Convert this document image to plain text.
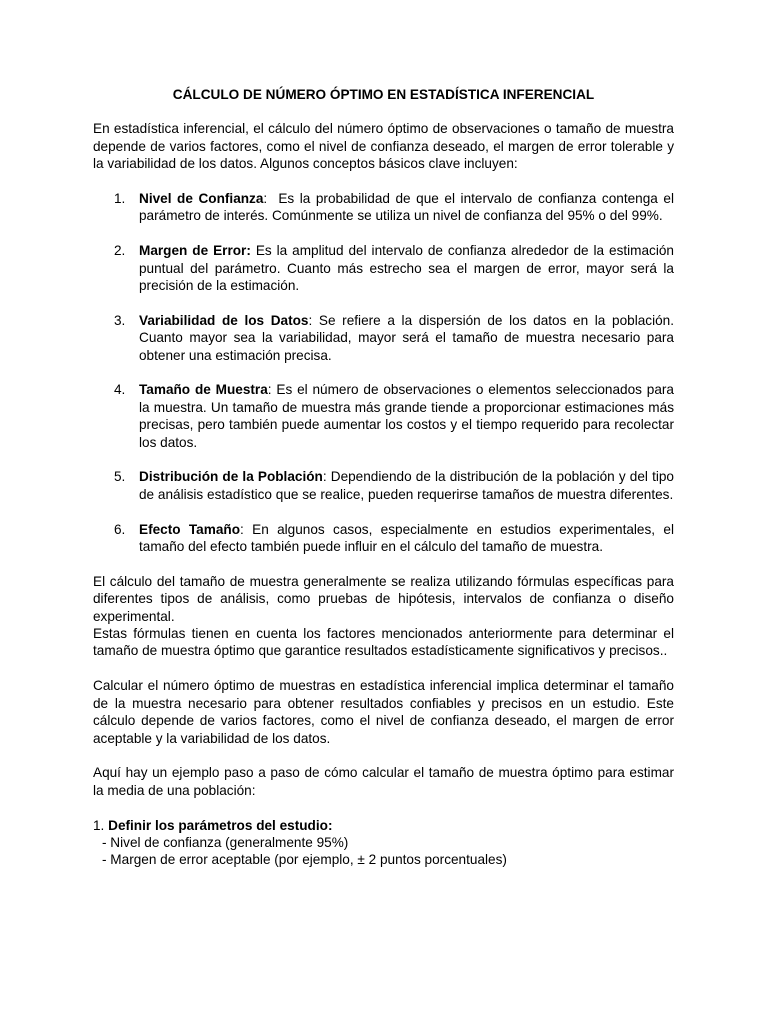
CÁLCULO DE NÚMERO ÓPTIMO EN ESTADÍSTICA INFERENCIAL

En estadística inferencial, el cálculo del número óptimo de observaciones o tamaño de muestra depende de varios factores, como el nivel de confianza deseado, el margen de error tolerable y la variabilidad de los datos. Algunos conceptos básicos clave incluyen:

1. Nivel de Confianza:  Es la probabilidad de que el intervalo de confianza contenga el parámetro de interés. Comúnmente se utiliza un nivel de confianza del 95% o del 99%.
2. Margen de Error: Es la amplitud del intervalo de confianza alrededor de la estimación puntual del parámetro. Cuanto más estrecho sea el margen de error, mayor será la precisión de la estimación.
3. Variabilidad de los Datos: Se refiere a la dispersión de los datos en la población. Cuanto mayor sea la variabilidad, mayor será el tamaño de muestra necesario para obtener una estimación precisa.
4. Tamaño de Muestra: Es el número de observaciones o elementos seleccionados para la muestra. Un tamaño de muestra más grande tiende a proporcionar estimaciones más precisas, pero también puede aumentar los costos y el tiempo requerido para recolectar los datos.
5. Distribución de la Población: Dependiendo de la distribución de la población y del tipo de análisis estadístico que se realice, pueden requerirse tamaños de muestra diferentes.
6. Efecto Tamaño: En algunos casos, especialmente en estudios experimentales, el tamaño del efecto también puede influir en el cálculo del tamaño de muestra.

El cálculo del tamaño de muestra generalmente se realiza utilizando fórmulas específicas para diferentes tipos de análisis, como pruebas de hipótesis, intervalos de confianza o diseño experimental.

Estas fórmulas tienen en cuenta los factores mencionados anteriormente para determinar el tamaño de muestra óptimo que garantice resultados estadísticamente significativos y precisos..

Calcular el número óptimo de muestras en estadística inferencial implica determinar el tamaño de la muestra necesario para obtener resultados confiables y precisos en un estudio. Este cálculo depende de varios factores, como el nivel de confianza deseado, el margen de error aceptable y la variabilidad de los datos.

Aquí hay un ejemplo paso a paso de cómo calcular el tamaño de muestra óptimo para estimar la media de una población:

1. Definir los parámetros del estudio:
- Nivel de confianza (generalmente 95%)
- Margen de error aceptable (por ejemplo, ± 2 puntos porcentuales)
